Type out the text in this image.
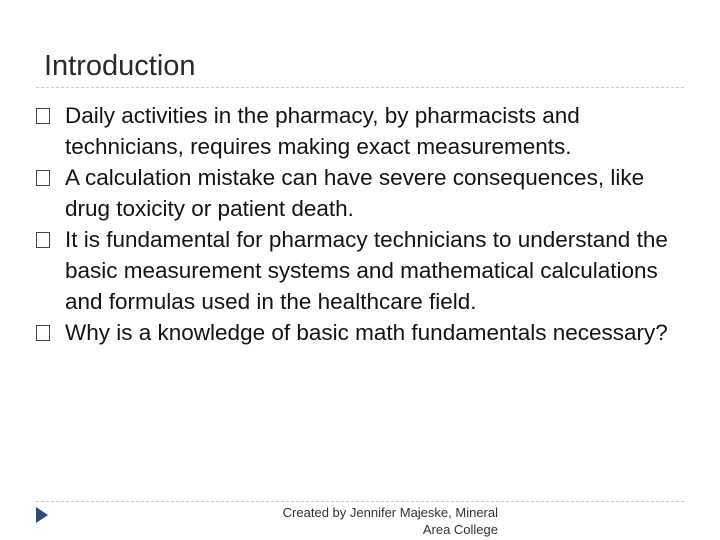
Introduction
Daily activities in the pharmacy, by pharmacists and technicians, requires making exact measurements.
A calculation mistake can have severe consequences, like drug toxicity or patient death.
It is fundamental for pharmacy technicians to understand the basic measurement systems and mathematical calculations and formulas used in the healthcare field.
Why is a knowledge of basic math fundamentals necessary?
Created by Jennifer Majeske, Mineral
Area College
